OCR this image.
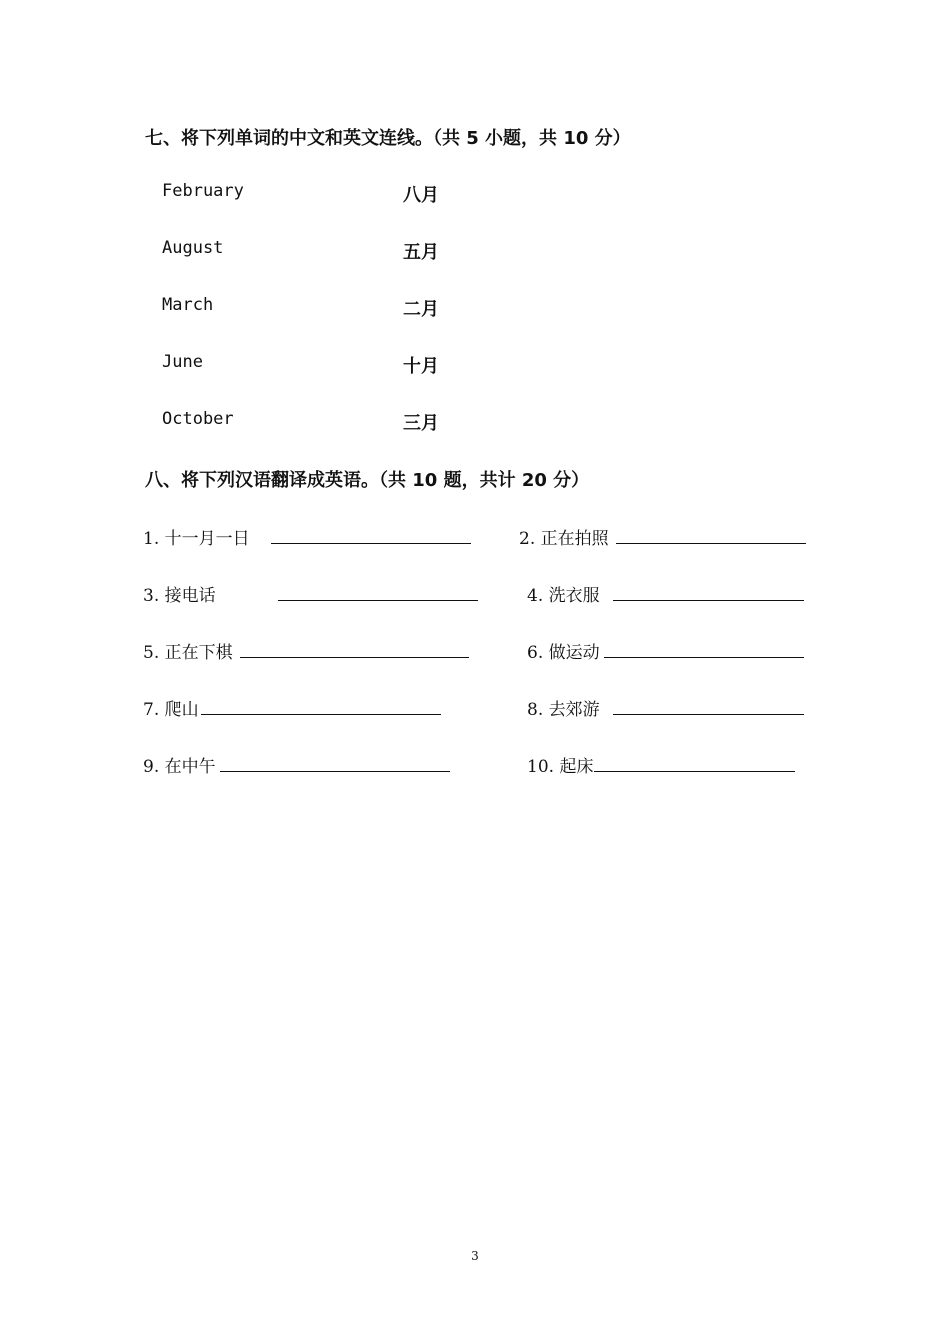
七、将下列单词的中文和英文连线。（共 5 小题，共 10 分）
February	八月
August	五月
March	二月
June	十月
October	三月
八、将下列汉语翻译成英语。（共 10 题，共计 20 分）
1. 十一月一日	2. 正在拍照
3. 接电话	4. 洗衣服
5. 正在下棋	6. 做运动
7. 爬山	8. 去郊游
9. 在中午	10. 起床
3
